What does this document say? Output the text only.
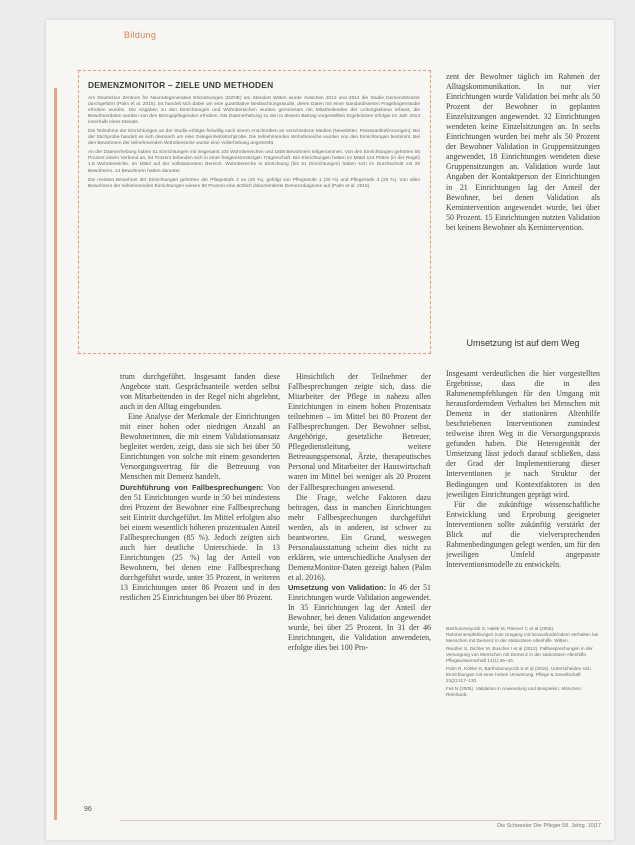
Bildung
DEMENZMONITOR – ZIELE UND METHODEN

Am Deutschen Zentrum für Neurodegenerative Erkrankungen (DZNE) am Standort Witten wurde zwischen 2012 und 2014 die Studie DemenzMonitor durchgeführt (Palm et al. 2015). Es handelt sich dabei um eine quantitative Beobachtungsstudie, deren Daten mit einer standardisierten Fragebogenstudie erhoben wurden. Die Angaben zu den Einrichtungen und Wohnbereichen wurden gemeinsam mit Mitarbeitenden der Leitungsebene erfasst, die Bewohnerdaten wurden von den Bezugspflegenden erhoben. Die Datenerhebung zu den in diesem Beitrag vorgestellten Ergebnissen erfolgte im Jahr 2013 innerhalb eines Monats.

Die Teilnahme der Einrichtungen an der Studie erfolgte freiwillig nach einem Anschreiben an verschiedene Medien (Newsletter, Presseartikel/Anzeigen). Bei der Stichprobe handelt es sich demnach um eine Gelegenheitsstichprobe. Die teilnehmenden Wohnbereiche wurden von den Einrichtungen bestimmt. Bei den Bewohnern der teilnehmenden Wohnbereiche wurde eine Vollerhebung angestrebt.

An der Datenerhebung haben 51 Einrichtungen mit insgesamt 104 Wohnbereichen und 1808 Bewohnern teilgenommen. Von den Einrichtungen gehörten 85 Prozent einem Verbund an, 94 Prozent befanden sich in einer freigemeinnützigen Trägerschaft. Die Einrichtungen hatten im Mittel 124 Plätze (in der Regel) 1,8 Wohnbereiche. Im Mittel auf der vollstationären Bereich. Wohnbereiche in Einrichtung (bis 51 Einrichtungen) haben sich im Durchschnitt mit 26 Bewohnern. 14 Bewohnern hatten darunter.

Die meisten Bewohner der Einrichtungen gehörten der Pflegestufe 2 an (40 %), gefolgt von Pflegestufe 1 (30 %) und Pflegestufe 3 (20 %). Von allen Bewohnern der teilnehmenden Einrichtungen wiesen 60 Prozent eine ärztlich dokumentierte Demenzdiagnose auf (Palm et al. 2015).

zent der Bewohner täglich im Rahmen der Alltagskommunikation. In nur vier Einrichtungen wurde Validation bei mehr als 50 Prozent der Bewohner in geplanten Einzelsitzungen angewendet. 32 Einrichtungen wendeten keine Einzelsitzungen an. In sechs Einrichtungen wurden bei mehr als 50 Prozent der Bewohner Validation in Gruppensitzungen angewendet, 18 Einrichtungen wendeten diese Gruppensitzungen an. Validation wurde laut Angaben der Kontaktperson der Einrichtungen in 21 Einrichtungen lag der Anteil der Bewohner, bei denen Validation als Kernintervention angewendet wurde, bei über 50 Prozent. 15 Einrichtungen nutzten Validation bei keinem Bewohner als Kernintervention.

Umsetzung ist auf dem Weg

Insgesamt verdeutlichen die hier vorgestellten Ergebnisse, dass die in den Rahmenempfehlungen für den Umgang mit herausforderndem Verhalten bei Menschen mit Demenz in der stationären Altenhilfe beschriebenen Interventionen zumindest teilweise ihren Weg in die Versorgungspraxis gefunden haben. Die Heterogenität der Umsetzung lässt jedoch darauf schließen, dass der Grad der Implementierung dieser Interventionen je nach Struktur der Bedingungen und Kontextfaktoren in den jeweiligen Einrichtungen geprägt wird.

Für die zukünftige wissenschaftliche Entwicklung und Erprobung geeigneter Interventionen sollte zukünftig verstärkt der Blick auf die vielversprechenden Rahmenbedingungen gelegt werden, um für den jeweiligen Umfeld angepasste Interventionsmodelle zu entwickeln.

trum durchgeführt. Insgesamt fanden diese Angebote statt. Gesprächsanteile werden selbst von Mitarbeitenden in der Regel nicht abgelehnt, auch in den Alltag eingebunden.

Eine Analyse der Merkmale der Einrichtungen mit einer hohen oder niedrigen Anzahl an Bewohnerinnen, die mit einem Validationsansatz begleitet werden, zeigt, dass sie sich bei über 50 Einrichtungen von solche mit einem gesonderten Versorgungsvertrag für die Betreuung von Menschen mit Demenz handelt.

Durchführung von Fallbesprechungen: Von den 51 Einrichtungen wurde in 50 bei mindestens drei Prozent der Bewohner eine Fallbesprechung seit Eintritt durchgeführt. Im Mittel erfolgten also bei einem wesentlich höheren prozentualen Anteil Fallbesprechungen (85 %). Jedoch zeigten sich auch hier deutliche Unterschiede. In 13 Einrichtungen (25 %) lag der Anteil von Bewohnern, bei denen eine Fallbesprechung durchgeführt wurde, unter 35 Prozent, in weiteren 13 Einrichtungen unter 86 Prozent und in den restlichen 25 Einrichtungen bei über 86 Prozent.

Hinsichtlich der Teilnehmer der Fallbesprechungen zeigte sich, dass die Mitarbeiter der Pflege in nahezu allen Einrichtungen in einem hohen Prozentsatz teilnehmen – im Mittel bei 80 Prozent der Fallbesprechungen. Der Bewohner selbst, Angehörige, gesetzliche Betreuer, Pflegedienstleitung, weitere Betreuungspersonal, Ärzte, therapeutisches Personal und Mitarbeiter der Hauswirtschaft waren im Mittel bei weniger als 20 Prozent der Fallbesprechungen anwesend.

Die Frage, welche Faktoren dazu beitragen, dass in manchen Einrichtungen mehr Fallbesprechungen durchgeführt werden, als in anderen, ist schwer zu beantworten. Ein Grund, weswegen Personalausstattung scheint dies nicht zu erklären, wie unterschiedliche Analysen der DemenzMonitor-Daten gezeigt haben (Palm et al. 2016).

Umsetzung von Validation: In 46 der 51 Einrichtungen wurde Validation angewendet. In 35 Einrichtungen lag der Anteil der Bewohner, bei denen Validation angewendet wurde, bei über 25 Prozent. In 31 der 46 Einrichtungen, die Validation anwendeten, erfolgte dies bei 100 Pro-

Bartholomeyczik S, Halek M, Riesner C et al (2006). Rahmenempfehlungen zum Umgang mit herausforderndem Verhalten bei Menschen mit Demenz in der stationären Altenhilfe. Witten.

Reuther S, Dichter M, Buscher I et al (2012). Fallbesprechungen in der Versorgung von Menschen mit Demenz in der stationären Altenhilfe. Pflegewissenschaft 14(1):36–43.

Palm R, Köhler K, Bartholomeyczik S et al (2016). Unterscheiden sich Einrichtungen mit einer hohen Umsetzung. Pflege & Gesellschaft 21(2):117–130.

Feil N (2005). Validation in Anwendung und Beispielen. München: Reinhardt.

96
Die Schwester Der Pfleger 58. Jahrg. 10|17
